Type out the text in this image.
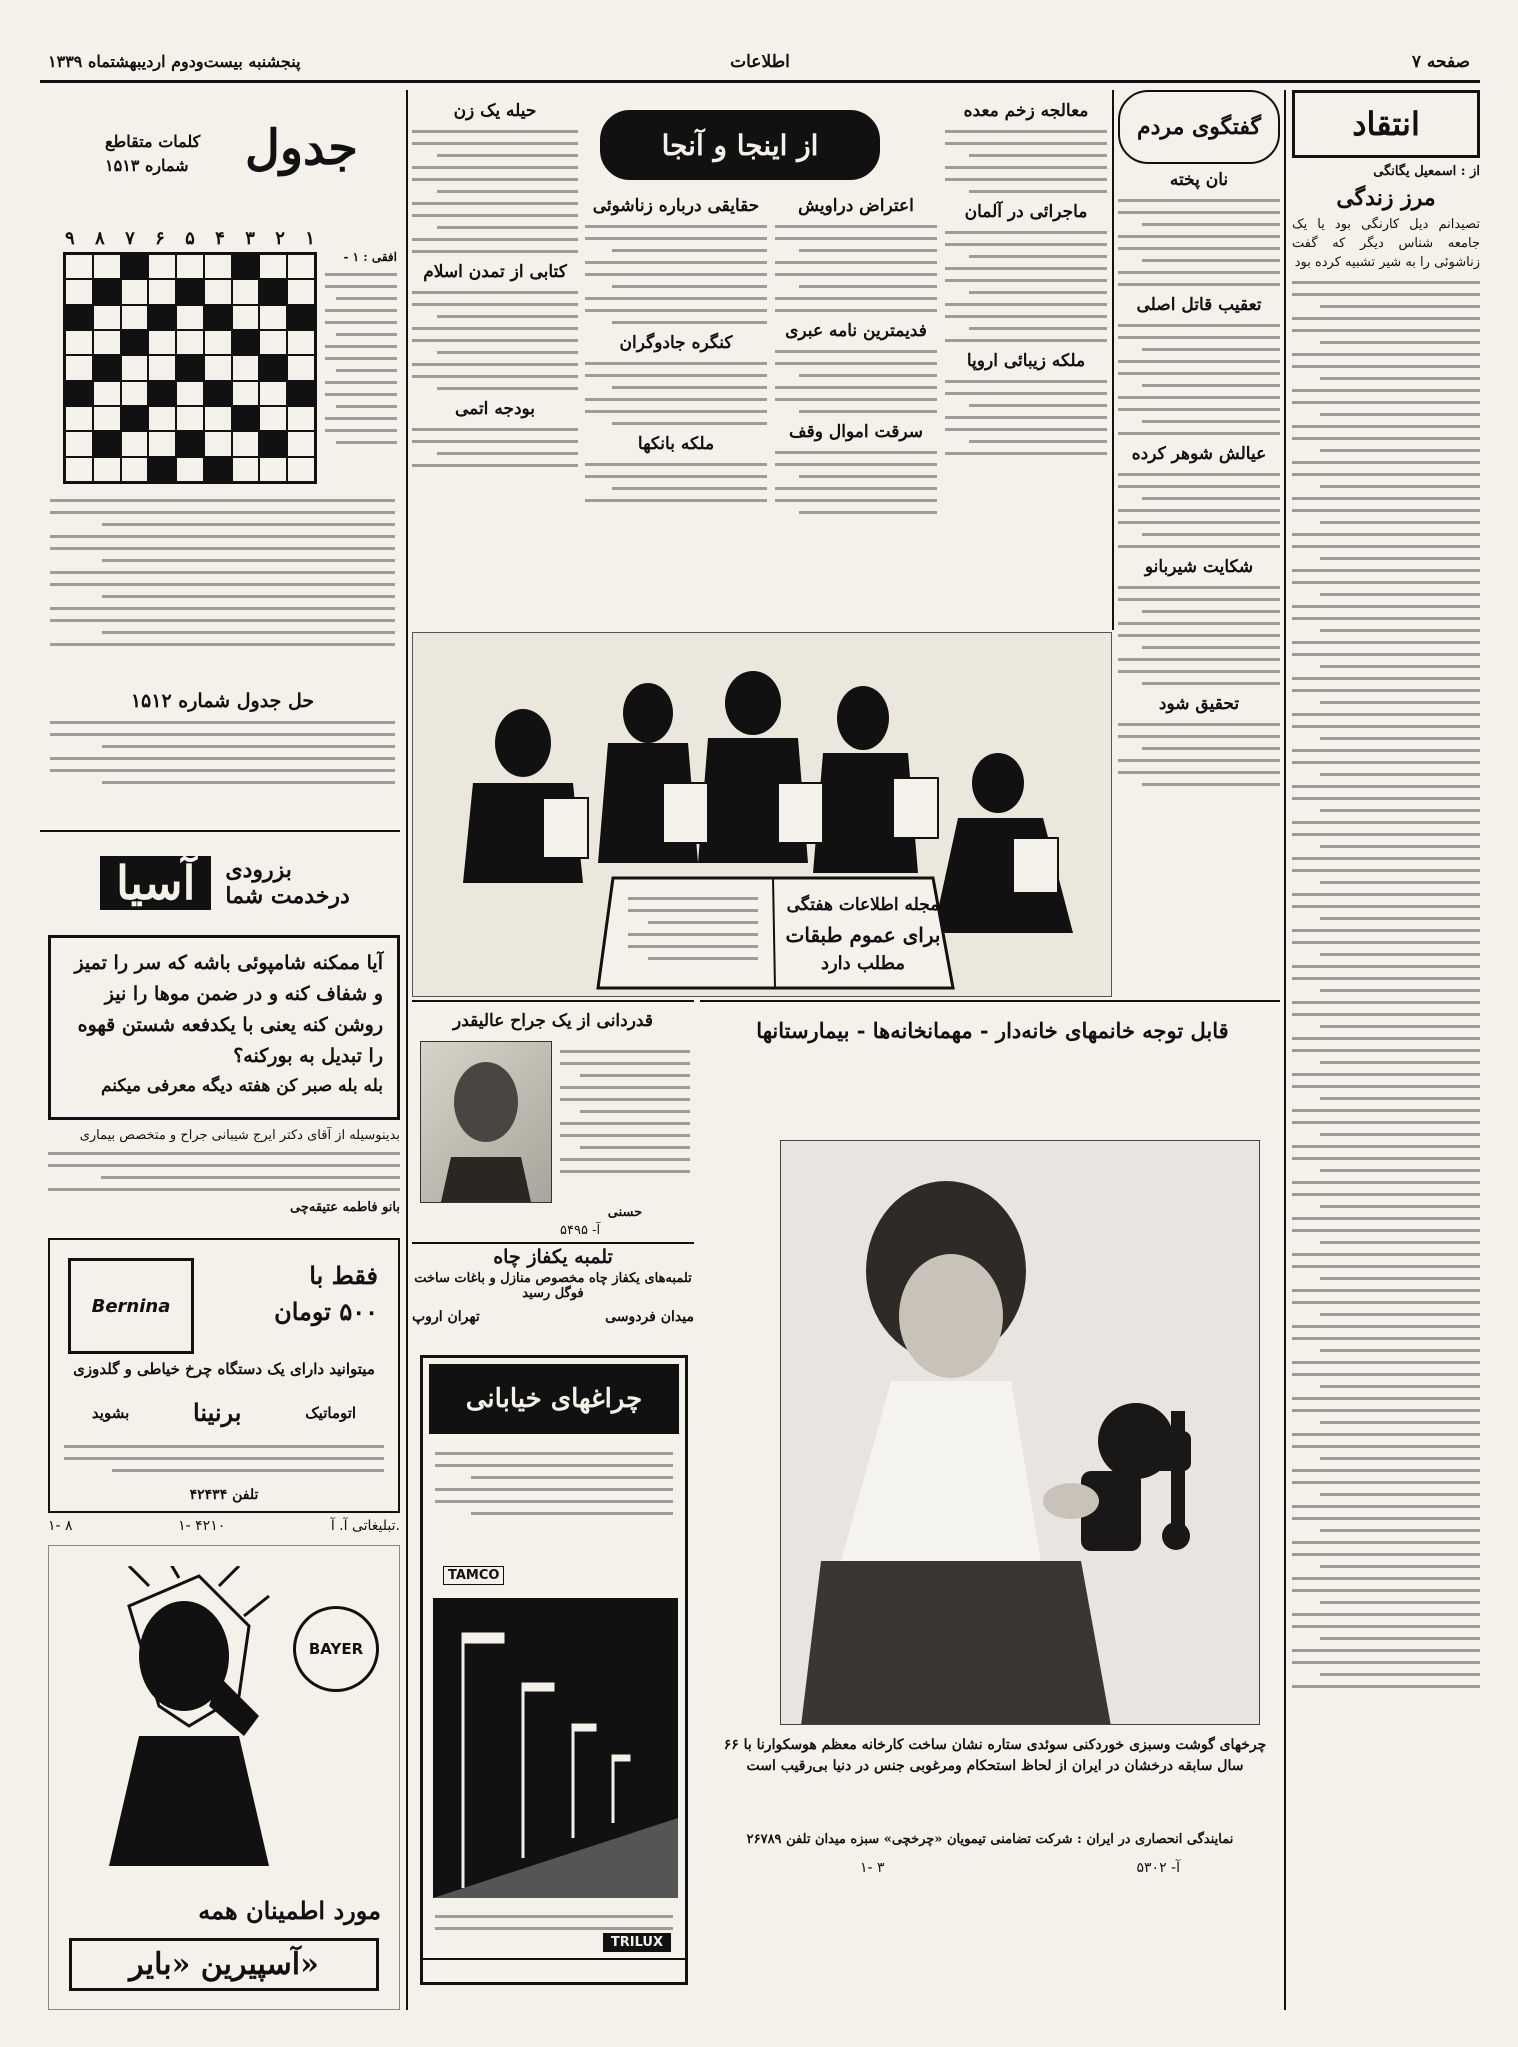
پنجشنبه بیست‌ودوم اردیبهشتماه ۱۳۳۹	اطلاعات	صفحه ۷
انتقاد
از : اسمعیل یگانگی
مرز زندگی
تصیدانم دیل کارنگی بود یا یک جامعه شناس دیگر که گفت زناشوئی را به شیر تشبیه کرده بود
گفتگوی مردم
نان پخته
تعقیب قاتل اصلی
عیالش شوهر کرده
شکایت شیربانو
تحقیق شود
از اینجا و آنجا
معالجه زخم معده
ماجرائی در آلمان
ملکه زیبائی اروپا
اعتراض دراویش
فدیمترین نامه عبری
سرقت اموال وقف
حقایقی درباره زناشوئی
کنگره جادوگران
ملکه بانکها
حیله یک زن
کتابی از تمدن اسلام
بودجه اتمی
جدول
کلمات متقاطع
شماره ۱۵۱۳
۱
۲
۳
۴
۵
۶
۷
۸
۹
افقی : ۱ -
حل جدول شماره ۱۵۱۲
آسیا	بزرودی
درخدمت شما
آیا ممکنه شامپوئی باشه که سر را تمیز و شفاف کنه و در ضمن موها را نیز روشن کنه یعنی با یکدفعه شستن قهوه را تبدیل به بورکنه؟
بله بله صبر کن هفته دیگه معرفی میکنم
بدینوسیله از آقای دکتر ایرج شیبانی جراح و متخصص بیماری
بانو فاطمه عتیقه‌چی
Bernina
فقط با
۵۰۰ تومان
میتوانید دارای یک دستگاه چرخ خیاطی و گلدوزی
بشوید	برنینا	اتوماتیک
تلفن ۴۲۴۳۴
۱- ۸	۱- ۴۲۱۰	تبلیغاتی آ. آ.
BAYER
مورد اطمینان همه
آسپیرین «بایر»
مجله اطلاعات هفتگی
برای عموم طبقات
مطلب دارد
قدردانی از یک جراح عالیقدر
حسنی
آ- ۵۴۹۵
تلمبه یکفاز چاه
تلمبه‌های یکفاز چاه مخصوص منازل و باغات ساخت فوگل رسید
میدان فردوسی
تهران اروپ
چراغهای خیابانی
TAMCO
TRILUX
قابل توجه خانمهای خانه‌دار - مهمانخانه‌ها - بیمارستانها
چرخهای گوشت وسبزی خوردکنی سوئدی ستاره نشان ساخت کارخانه معظم هوسکوارنا با ۶۶ سال سابقه درخشان در ایران از لحاظ استحکام ومرغوبی جنس در دنیا بی‌رقیب است
نمایندگی انحصاری در ایران : شرکت تضامنی تیمویان «چرخچی» سبزه میدان تلفن ۲۶۷۸۹
۱- ۳	آ- ۵۳۰۲
